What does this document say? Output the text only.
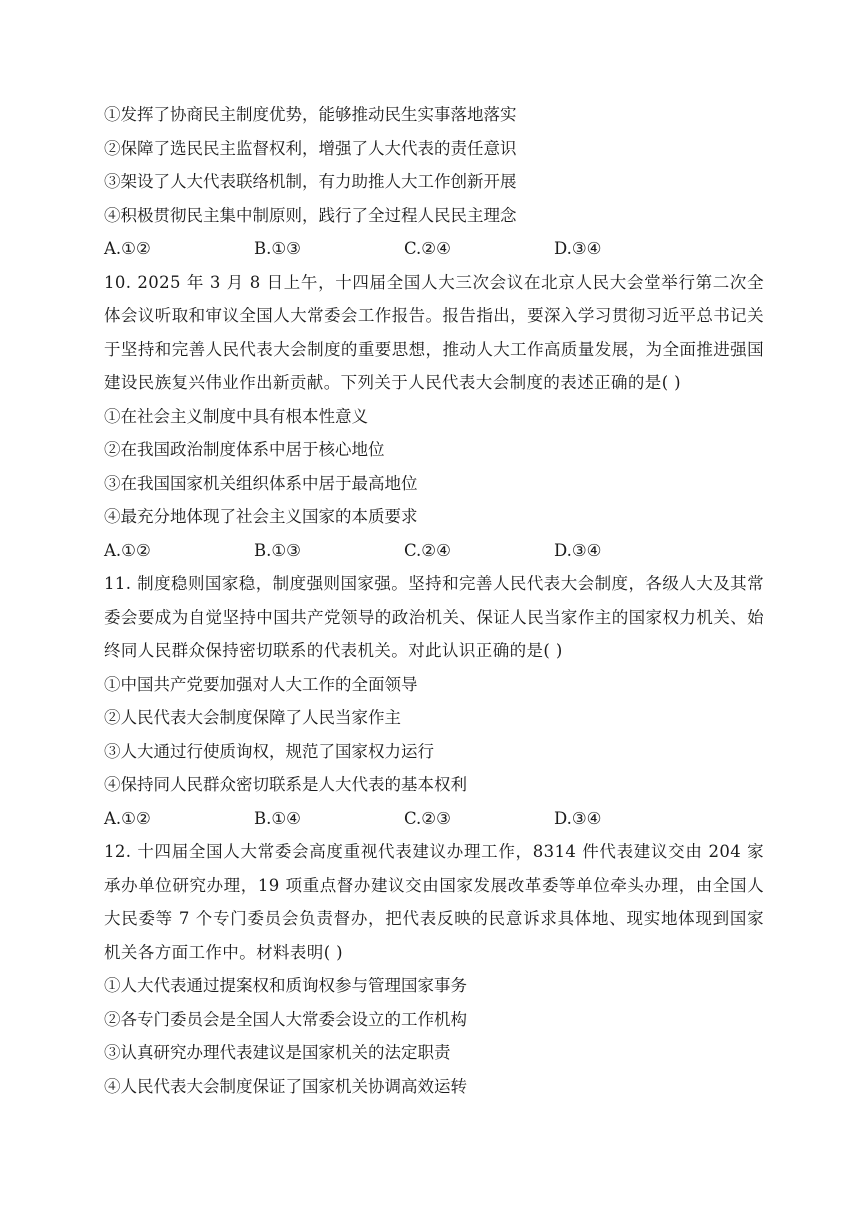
①发挥了协商民主制度优势，能够推动民生实事落地落实
②保障了选民民主监督权利，增强了人大代表的责任意识
③架设了人大代表联络机制，有力助推人大工作创新开展
④积极贯彻民主集中制原则，践行了全过程人民民主理念
A.①②	B.①③	C.②④	D.③④
10. 2025 年 3 月 8 日上午，十四届全国人大三次会议在北京人民大会堂举行第二次全体会议听取和审议全国人大常委会工作报告。报告指出，要深入学习贯彻习近平总书记关于坚持和完善人民代表大会制度的重要思想，推动人大工作高质量发展，为全面推进强国建设民族复兴伟业作出新贡献。下列关于人民代表大会制度的表述正确的是( )
①在社会主义制度中具有根本性意义
②在我国政治制度体系中居于核心地位
③在我国国家机关组织体系中居于最高地位
④最充分地体现了社会主义国家的本质要求
A.①②	B.①③	C.②④	D.③④
11. 制度稳则国家稳，制度强则国家强。坚持和完善人民代表大会制度，各级人大及其常委会要成为自觉坚持中国共产党领导的政治机关、保证人民当家作主的国家权力机关、始终同人民群众保持密切联系的代表机关。对此认识正确的是( )
①中国共产党要加强对人大工作的全面领导
②人民代表大会制度保障了人民当家作主
③人大通过行使质询权，规范了国家权力运行
④保持同人民群众密切联系是人大代表的基本权利
A.①②	B.①④	C.②③	D.③④
12. 十四届全国人大常委会高度重视代表建议办理工作，8314 件代表建议交由 204 家承办单位研究办理，19 项重点督办建议交由国家发展改革委等单位牵头办理，由全国人大民委等 7 个专门委员会负责督办，把代表反映的民意诉求具体地、现实地体现到国家机关各方面工作中。材料表明( )
①人大代表通过提案权和质询权参与管理国家事务
②各专门委员会是全国人大常委会设立的工作机构
③认真研究办理代表建议是国家机关的法定职责
④人民代表大会制度保证了国家机关协调高效运转
